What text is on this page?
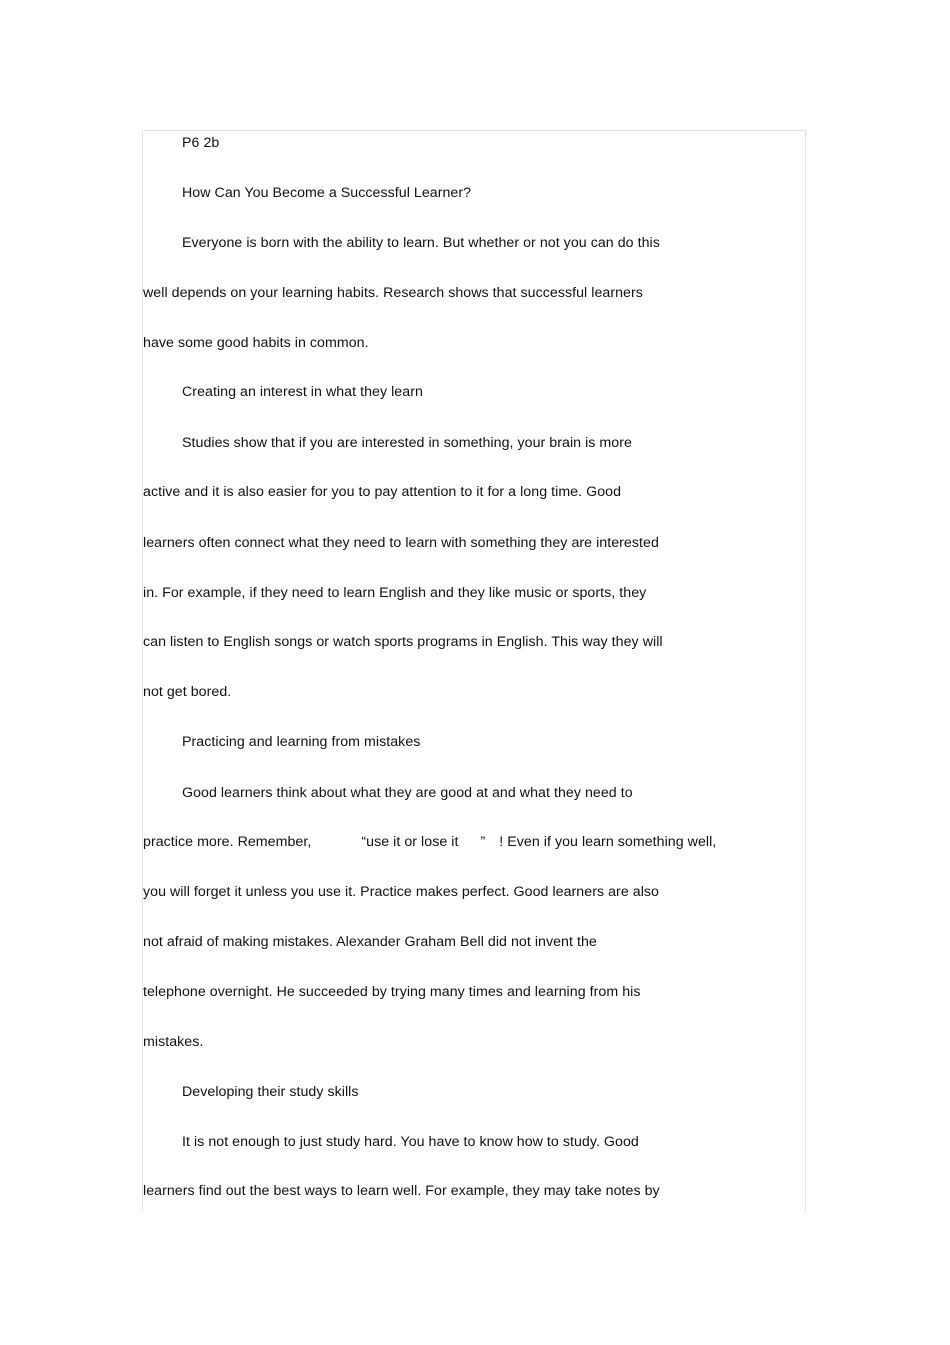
P6 2b
How Can You Become a Successful Learner?
Everyone is born with the ability to learn. But whether or not you can do this
well depends on your learning habits. Research shows that successful learners
have some good habits in common.
Creating an interest in what they learn
Studies show that if you are interested in something, your brain is more
active and it is also easier for you to pay attention to it for a long time. Good
learners often connect what they need to learn with something they are interested
in. For example, if they need to learn English and they like music or sports, they
can listen to English songs or watch sports programs in English. This way they will
not get bored.
Practicing and learning from mistakes
Good learners think about what they are good at and what they need to
practice more. Remember,	“use it or lose it ” ! Even if you learn something well,
you will forget it unless you use it. Practice makes perfect. Good learners are also
not afraid of making mistakes. Alexander Graham Bell did not invent the
telephone overnight. He succeeded by trying many times and learning from his
mistakes.
Developing their study skills
It is not enough to just study hard. You have to know how to study. Good
learners find out the best ways to learn well. For example, they may take notes by
